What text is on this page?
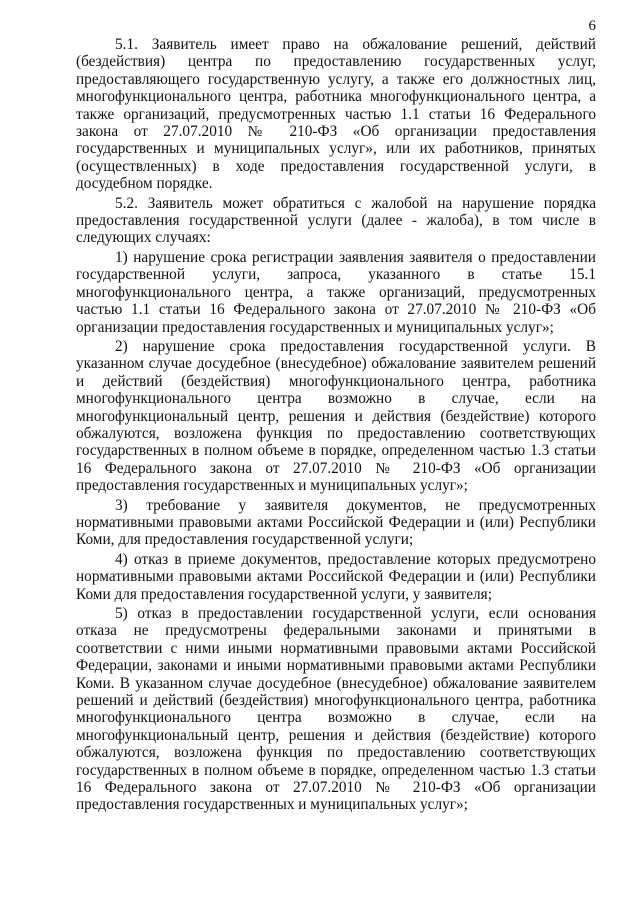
6

5.1. Заявитель имеет право на обжалование решений, действий (бездействия) центра по предоставлению государственных услуг, предоставляющего государственную услугу, а также его должностных лиц, многофункционального центра, работника многофункционального центра, а также организаций, предусмотренных частью 1.1 статьи 16 Федерального закона от 27.07.2010 № 210-ФЗ «Об организации предоставления государственных и муниципальных услуг», или их работников, принятых (осуществленных) в ходе предоставления государственной услуги, в досудебном порядке.

5.2. Заявитель может обратиться с жалобой на нарушение порядка предоставления государственной услуги (далее - жалоба), в том числе в следующих случаях:

1) нарушение срока регистрации заявления заявителя о предоставлении государственной услуги, запроса, указанного в статье 15.1 многофункционального центра, а также организаций, предусмотренных частью 1.1 статьи 16 Федерального закона от 27.07.2010 № 210-ФЗ «Об организации предоставления государственных и муниципальных услуг»;

2) нарушение срока предоставления государственной услуги. В указанном случае досудебное (внесудебное) обжалование заявителем решений и действий (бездействия) многофункционального центра, работника многофункционального центра возможно в случае, если на многофункциональный центр, решения и действия (бездействие) которого обжалуются, возложена функция по предоставлению соответствующих государственных в полном объеме в порядке, определенном частью 1.3 статьи 16 Федерального закона от 27.07.2010 № 210-ФЗ «Об организации предоставления государственных и муниципальных услуг»;

3) требование у заявителя документов, не предусмотренных нормативными правовыми актами Российской Федерации и (или) Республики Коми, для предоставления государственной услуги;

4) отказ в приеме документов, предоставление которых предусмотрено нормативными правовыми актами Российской Федерации и (или) Республики Коми для предоставления государственной услуги, у заявителя;

5) отказ в предоставлении государственной услуги, если основания отказа не предусмотрены федеральными законами и принятыми в соответствии с ними иными нормативными правовыми актами Российской Федерации, законами и иными нормативными правовыми актами Республики Коми. В указанном случае досудебное (внесудебное) обжалование заявителем решений и действий (бездействия) многофункционального центра, работника многофункционального центра возможно в случае, если на многофункциональный центр, решения и действия (бездействие) которого обжалуются, возложена функция по предоставлению соответствующих государственных в полном объеме в порядке, определенном частью 1.3 статьи 16 Федерального закона от 27.07.2010 № 210-ФЗ «Об организации предоставления государственных и муниципальных услуг»;
